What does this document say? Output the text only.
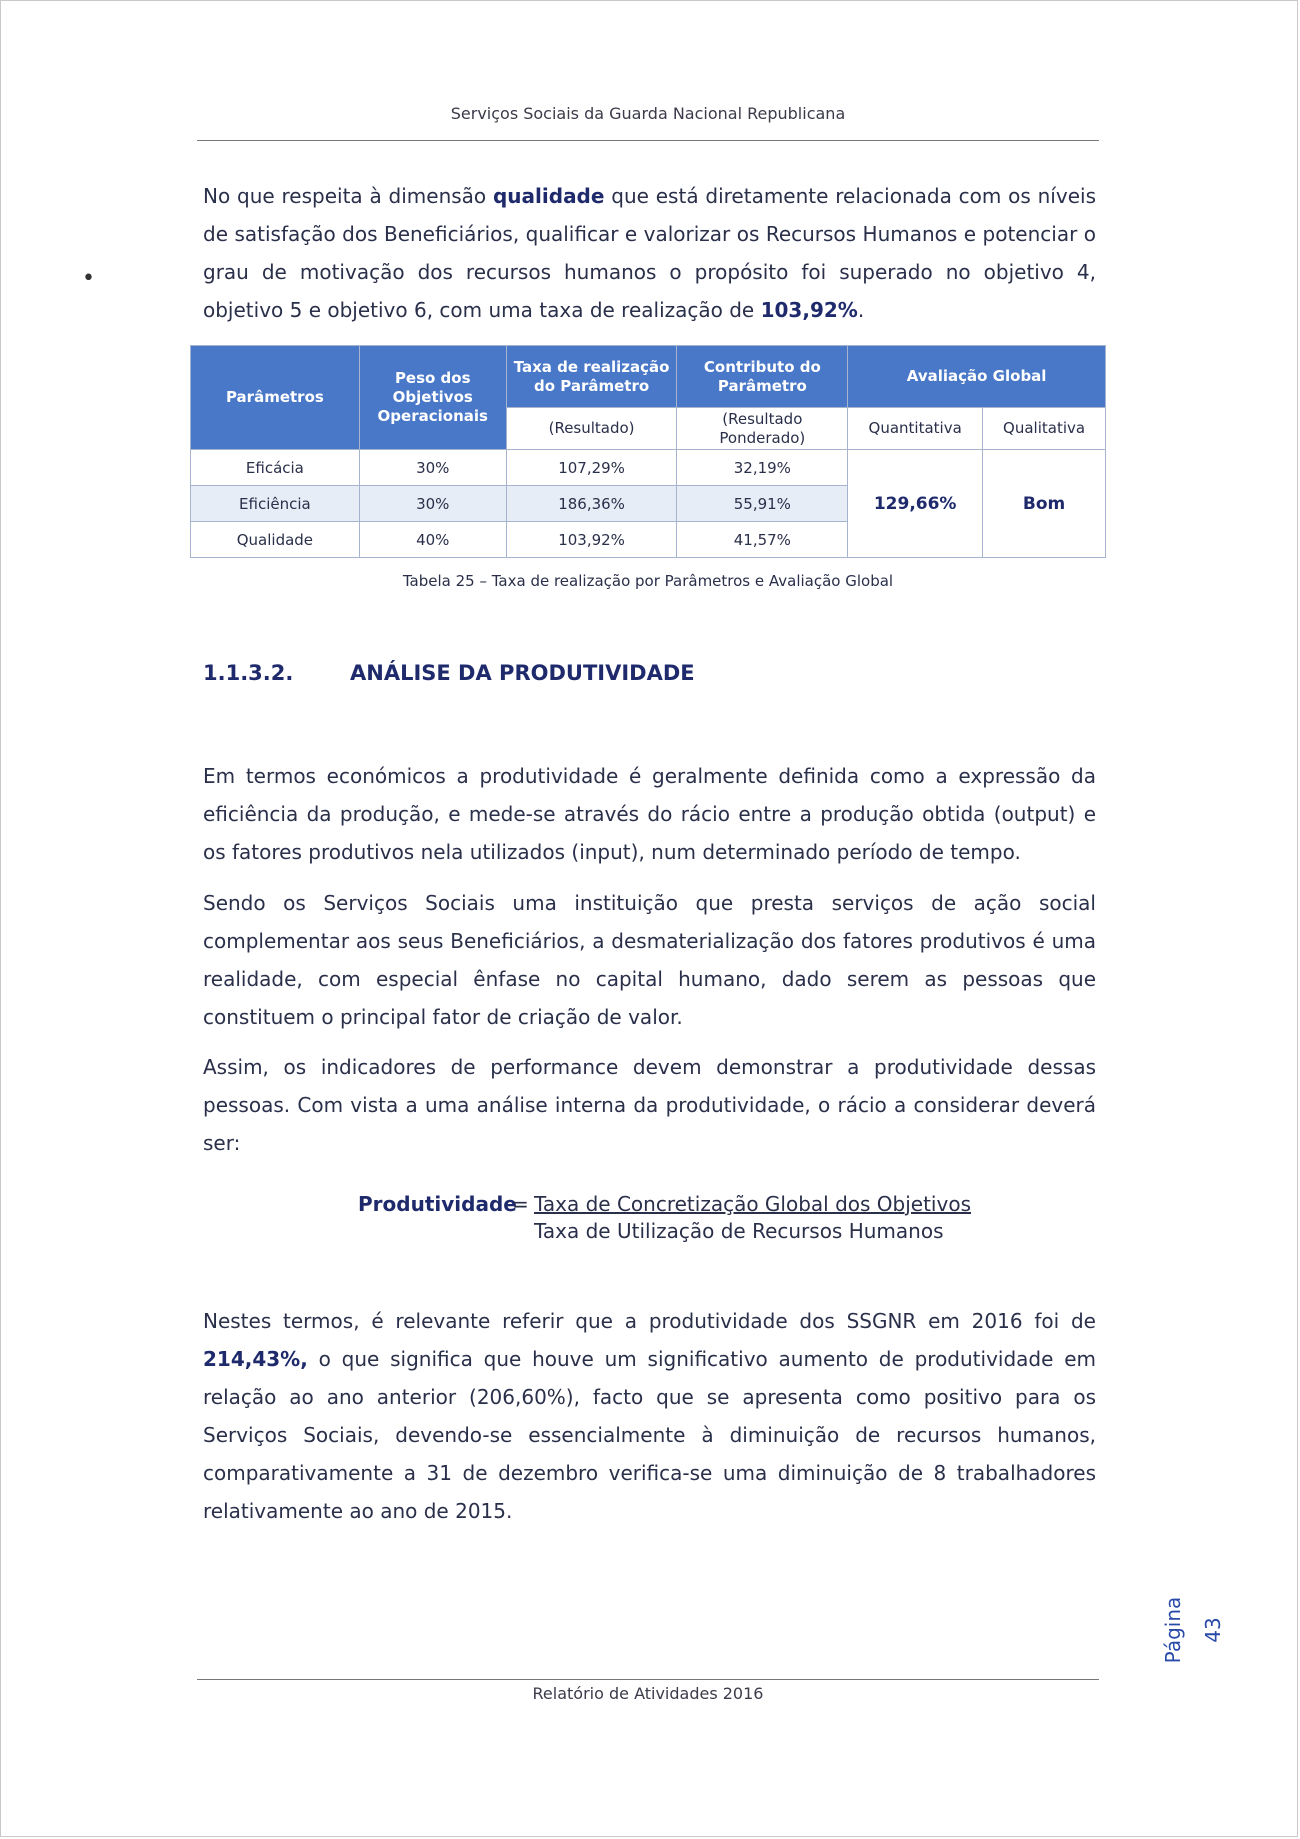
Serviços Sociais da Guarda Nacional Republicana
•
No que respeita à dimensão qualidade que está diretamente relacionada com os níveis de satisfação dos Beneficiários, qualificar e valorizar os Recursos Humanos e potenciar o grau de motivação dos recursos humanos o propósito foi superado no objetivo 4, objetivo 5 e objetivo 6, com uma taxa de realização de 103,92%.
Parâmetros	Peso dos Objetivos Operacionais	Taxa de realização do Parâmetro	Contributo do Parâmetro	Avaliação Global	
		(Resultado)	(Resultado Ponderado)	Quantitativa	Qualitativa
Eficácia	30%	107,29%	32,19%	129,66%	Bom
Eficiência	30%	186,36%	55,91%		
Qualidade	40%	103,92%	41,57%		
Tabela 25 – Taxa de realização por Parâmetros e Avaliação Global
1.1.3.2.	ANÁLISE DA PRODUTIVIDADE
Em termos económicos a produtividade é geralmente definida como a expressão da eficiência da produção, e mede-se através do rácio entre a produção obtida (output) e os fatores produtivos nela utilizados (input), num determinado período de tempo.
Sendo os Serviços Sociais uma instituição que presta serviços de ação social complementar aos seus Beneficiários, a desmaterialização dos fatores produtivos é uma realidade, com especial ênfase no capital humano, dado serem as pessoas que constituem o principal fator de criação de valor.
Assim, os indicadores de performance devem demonstrar a produtividade dessas pessoas. Com vista a uma análise interna da produtividade, o rácio a considerar deverá ser:
Produtividade
= Taxa de Concretização Global dos Objetivos
Taxa de Utilização de Recursos Humanos
Nestes termos, é relevante referir que a produtividade dos SSGNR em 2016 foi de 214,43%, o que significa que houve um significativo aumento de produtividade em relação ao ano anterior (206,60%), facto que se apresenta como positivo para os Serviços Sociais, devendo-se essencialmente à diminuição de recursos humanos, comparativamente a 31 de dezembro verifica-se uma diminuição de 8 trabalhadores relativamente ao ano de 2015.
Página 43
Relatório de Atividades 2016
